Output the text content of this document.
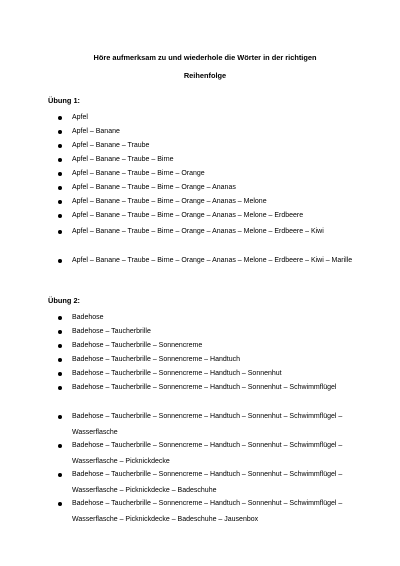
Höre aufmerksam zu und wiederhole die Wörter in der richtigen
Reihenfolge
Übung 1:
Apfel
Apfel – Banane
Apfel – Banane – Traube
Apfel – Banane – Traube – Birne
Apfel – Banane – Traube – Birne – Orange
Apfel – Banane – Traube – Birne – Orange – Ananas
Apfel – Banane – Traube – Birne – Orange – Ananas – Melone
Apfel – Banane – Traube – Birne – Orange – Ananas – Melone – Erdbeere
Apfel – Banane – Traube – Birne – Orange – Ananas – Melone – Erdbeere – Kiwi
Apfel – Banane – Traube – Birne – Orange – Ananas – Melone – Erdbeere – Kiwi – Marille
Übung 2:
Badehose
Badehose – Taucherbrille
Badehose – Taucherbrille – Sonnencreme
Badehose – Taucherbrille – Sonnencreme – Handtuch
Badehose – Taucherbrille – Sonnencreme – Handtuch – Sonnenhut
Badehose – Taucherbrille – Sonnencreme – Handtuch – Sonnenhut – Schwimmflügel
Badehose – Taucherbrille – Sonnencreme – Handtuch – Sonnenhut – Schwimmflügel – Wasserflasche
Badehose – Taucherbrille – Sonnencreme – Handtuch – Sonnenhut – Schwimmflügel – Wasserflasche – Picknickdecke
Badehose – Taucherbrille – Sonnencreme – Handtuch – Sonnenhut – Schwimmflügel – Wasserflasche – Picknickdecke – Badeschuhe
Badehose – Taucherbrille – Sonnencreme – Handtuch – Sonnenhut – Schwimmflügel – Wasserflasche – Picknickdecke – Badeschuhe – Jausenbox
